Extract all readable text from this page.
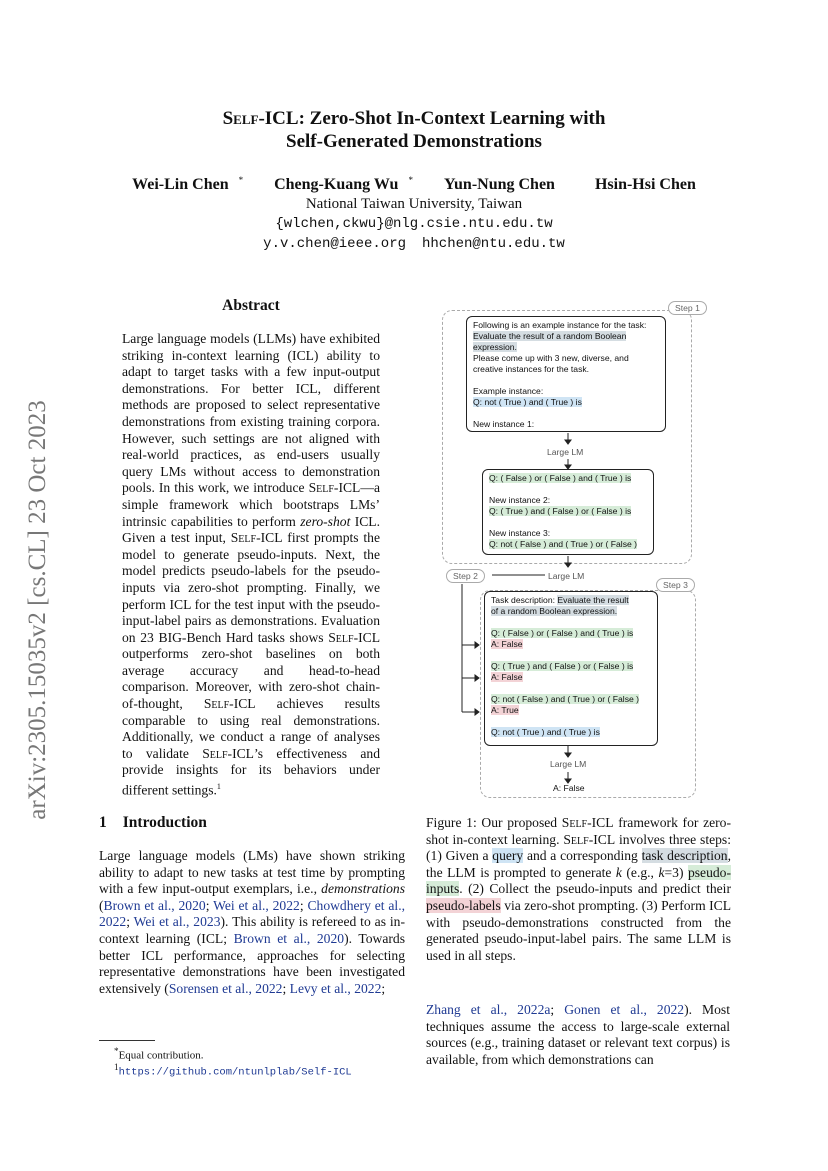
Self-ICL: Zero-Shot In-Context Learning with
Self-Generated Demonstrations
Wei-Lin Chen * Cheng-Kuang Wu * Yun-Nung Chen	Hsin-Hsi Chen
National Taiwan University, Taiwan
{wlchen,ckwu}@nlg.csie.ntu.edu.tw
y.v.chen@ieee.org hhchen@ntu.edu.tw
arXiv:2305.15035v2 [cs.CL] 23 Oct 2023
Abstract

Large language models (LLMs) have exhibited striking in-context learning (ICL) ability to adapt to target tasks with a few input-output demonstrations. For better ICL, different methods are proposed to select representative demonstrations from existing training corpora. However, such settings are not aligned with real-world practices, as end-users usually query LMs without access to demonstration pools. In this work, we introduce Self-ICL—a simple framework which bootstraps LMs’ intrinsic capabilities to perform zero-shot ICL. Given a test input, Self-ICL first prompts the model to generate pseudo-inputs. Next, the model predicts pseudo-labels for the pseudo-inputs via zero-shot prompting. Finally, we perform ICL for the test input with the pseudo-input-label pairs as demonstrations. Evaluation on 23 BIG-Bench Hard tasks shows Self-ICL outperforms zero-shot baselines on both average accuracy and head-to-head comparison. Moreover, with zero-shot chain-of-thought, Self-ICL achieves results comparable to using real demonstrations. Additionally, we conduct a range of analyses to validate Self-ICL’s effectiveness and provide insights for its behaviors under different settings.$^1$

1 Introduction

Large language models (LMs) have shown striking ability to adapt to new tasks at test time by prompting with a few input-output exemplars, i.e., demonstrations (Brown et al., 2020; Wei et al., 2022; Chowdhery et al., 2022; Wei et al., 2023). This ability is refereed to as in-context learning (ICL; Brown et al., 2020). Towards better ICL performance, approaches for selecting representative demonstrations have been investigated extensively (Sorensen et al., 2022; Levy et al., 2022;

*Equal contribution.
$^1$https://github.com/ntunlplab/Self-ICL
Step 1
Step 2
Step 3
Following is an example instance for the task:
Evaluate the result of a random Boolean
expression.
Please come up with 3 new, diverse, and
creative instances for the task.
Example instance:
Q: not ( True ) and ( True ) is
New instance 1:
Large LM
Q: ( False ) or ( False ) and ( True ) is
New instance 2:
Q: ( True ) and ( False ) or ( False ) is
New instance 3:
Q: not ( False ) and ( True ) or ( False )
Large LM
Task description: Evaluate the result
of a random Boolean expression.
Q: ( False ) or ( False ) and ( True ) is
A: False
Q: ( True ) and ( False ) or ( False ) is
A: False
Q: not ( False ) and ( True ) or ( False )
A: True
Q: not ( True ) and ( True ) is
Large LM
A: False

Figure 1: Our proposed Self-ICL framework for zero-shot in-context learning. Self-ICL involves three steps: (1) Given a query and a corresponding task description, the LLM is prompted to generate k (e.g., k=3) pseudo-inputs. (2) Collect the pseudo-inputs and predict their pseudo-labels via zero-shot prompting. (3) Perform ICL with pseudo-demonstrations constructed from the generated pseudo-input-label pairs. The same LLM is used in all steps.

Zhang et al., 2022a; Gonen et al., 2022). Most techniques assume the access to large-scale external sources (e.g., training dataset or relevant text corpus) is available, from which demonstrations can
